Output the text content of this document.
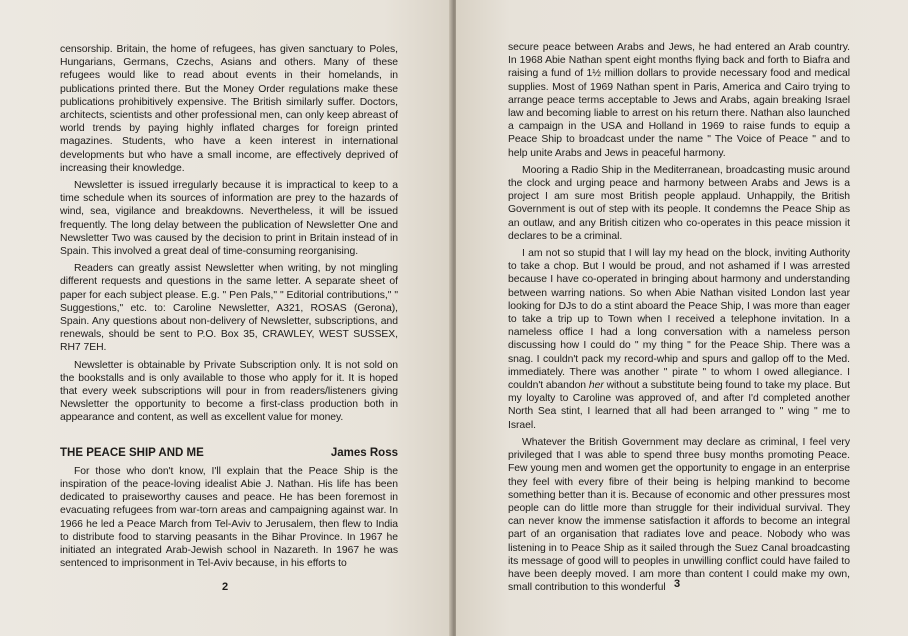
censorship. Britain, the home of refugees, has given sanctuary to Poles, Hungarians, Germans, Czechs, Asians and others. Many of these refugees would like to read about events in their homelands, in publications printed there. But the Money Order regulations make these publications prohibitively expensive. The British similarly suffer. Doctors, architects, scientists and other professional men, can only keep abreast of world trends by paying highly inflated charges for foreign printed magazines. Students, who have a keen interest in international developments but who have a small income, are effectively deprived of increasing their knowledge.

Newsletter is issued irregularly because it is impractical to keep to a time schedule when its sources of information are prey to the hazards of wind, sea, vigilance and breakdowns. Nevertheless, it will be issued frequently. The long delay between the publication of Newsletter One and Newsletter Two was caused by the decision to print in Britain instead of in Spain. This involved a great deal of time-consuming reorganising.

Readers can greatly assist Newsletter when writing, by not mingling different requests and questions in the same letter. A separate sheet of paper for each subject please. E.g. " Pen Pals," " Editorial contributions," " Suggestions," etc. to: Caroline Newsletter, A321, ROSAS (Gerona), Spain. Any questions about non-delivery of Newsletter, subscriptions, and renewals, should be sent to P.O. Box 35, CRAWLEY, WEST SUSSEX, RH7 7EH.

Newsletter is obtainable by Private Subscription only. It is not sold on the bookstalls and is only available to those who apply for it. It is hoped that every week subscriptions will pour in from readers/listeners giving Newsletter the opportunity to become a first-class production both in appearance and content, as well as excellent value for money.

THE PEACE SHIP AND ME	James Ross

For those who don't know, I'll explain that the Peace Ship is the inspiration of the peace-loving idealist Abie J. Nathan. His life has been dedicated to praiseworthy causes and peace. He has been foremost in evacuating refugees from war-torn areas and campaigning against war. In 1966 he led a Peace March from Tel-Aviv to Jerusalem, then flew to India to distribute food to starving peasants in the Bihar Province. In 1967 he initiated an integrated Arab-Jewish school in Nazareth. In 1967 he was sentenced to imprisonment in Tel-Aviv because, in his efforts to

2

secure peace between Arabs and Jews, he had entered an Arab country. In 1968 Abie Nathan spent eight months flying back and forth to Biafra and raising a fund of 1½ million dollars to provide necessary food and medical supplies. Most of 1969 Nathan spent in Paris, America and Cairo trying to arrange peace terms acceptable to Jews and Arabs, again breaking Israel law and becoming liable to arrest on his return there. Nathan also launched a campaign in the USA and Holland in 1969 to raise funds to equip a Peace Ship to broadcast under the name " The Voice of Peace " and to help unite Arabs and Jews in peaceful harmony.

Mooring a Radio Ship in the Mediterranean, broadcasting music around the clock and urging peace and harmony between Arabs and Jews is a project I am sure most British people applaud. Unhappily, the British Government is out of step with its people. It condemns the Peace Ship as an outlaw, and any British citizen who co-operates in this peace mission it declares to be a criminal.

I am not so stupid that I will lay my head on the block, inviting Authority to take a chop. But I would be proud, and not ashamed if I was arrested because I have co-operated in bringing about harmony and understanding between warring nations. So when Abie Nathan visited London last year looking for DJs to do a stint aboard the Peace Ship, I was more than eager to take a trip up to Town when I received a telephone invitation. In a nameless office I had a long conversation with a nameless person discussing how I could do " my thing " for the Peace Ship. There was a snag. I couldn't pack my record-whip and spurs and gallop off to the Med. immediately. There was another " pirate " to whom I owed allegiance. I couldn't abandon her without a substitute being found to take my place. But my loyalty to Caroline was approved of, and after I'd completed another North Sea stint, I learned that all had been arranged to " wing " me to Israel.

Whatever the British Government may declare as criminal, I feel very privileged that I was able to spend three busy months promoting Peace. Few young men and women get the opportunity to engage in an enterprise they feel with every fibre of their being is helping mankind to become something better than it is. Because of economic and other pressures most people can do little more than struggle for their individual survival. They can never know the immense satisfaction it affords to become an integral part of an organisation that radiates love and peace. Nobody who was listening in to Peace Ship as it sailed through the Suez Canal broadcasting its message of good will to peoples in unwilling conflict could have failed to have been deeply moved. I am more than content I could make my own, small contribution to this wonderful 3
